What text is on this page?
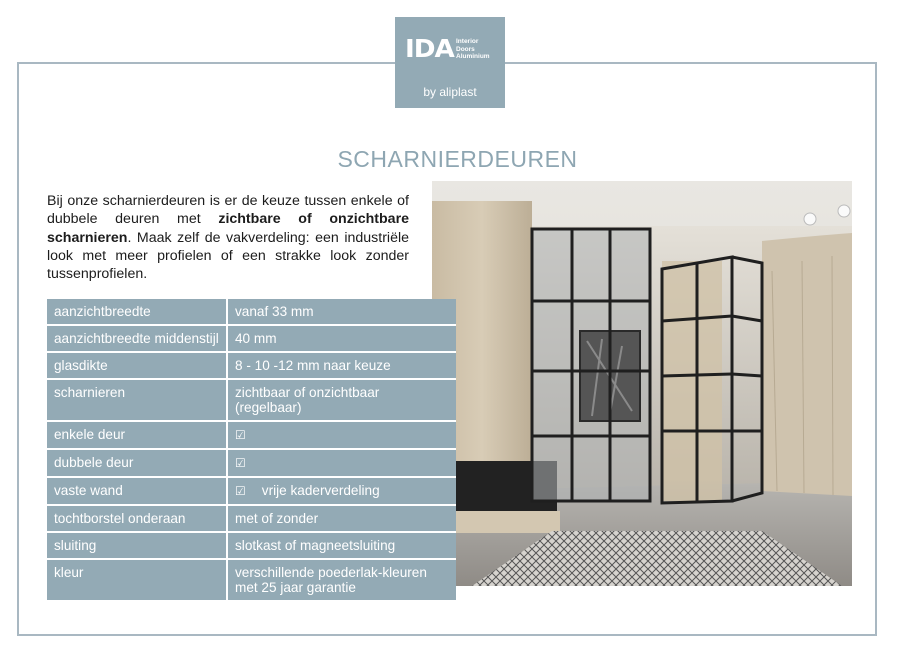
IDA Interior
Doors
Aluminium
by aliplast
SCHARNIERDEUREN

Bij onze scharnierdeuren is er de keuze tussen enkele of dubbele deuren met zichtbare of onzichtbare scharnieren. Maak zelf de vakverdeling: een industriële look met meer profielen of een strakke look zonder tussenprofielen.

aanzichtbreedte	vanaf 33 mm
aanzichtbreedte middenstijl	40 mm
glasdikte	8 - 10 -12 mm naar keuze
scharnieren	zichtbaar of onzichtbaar (regelbaar)
enkele deur	☑
dubbele deur	☑
vaste wand	☑ vrije kaderverdeling
tochtborstel onderaan	met of zonder
sluiting	slotkast of magneetsluiting
kleur	verschillende poederlak-kleuren met 25 jaar garantie
